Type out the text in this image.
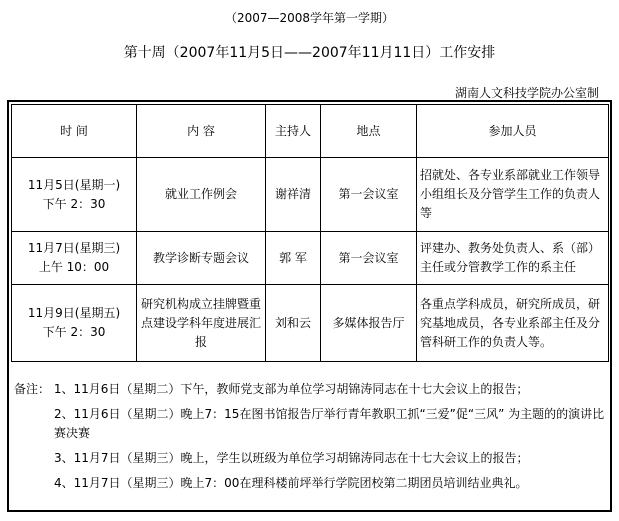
（2007—2008学年第一学期）
第十周（2007年11月5日——2007年11月11日）工作安排
湖南人文科技学院办公室制
时 间	内 容	主持人	地点	参加人员

11月5日(星期一)
下午 2：30	就业工作例会	谢祥清	第一会议室	招就处、各专业系部就业工作领导小组组长及分管学生工作的负责人等

11月7日(星期三)
上午 10：00	教学诊断专题会议	郭 军	第一会议室	评建办、教务处负责人、系（部）主任或分管教学工作的系主任

11月9日(星期五)
下午 2：30	研究机构成立挂牌暨重点建设学科年度进展汇报	刘和云	多媒体报告厅	各重点学科成员，研究所成员，研究基地成员，各专业系部主任及分管科研工作的负责人等。

备注： 1、11月6日（星期二）下午，教师党支部为单位学习胡锦涛同志在十七大会议上的报告；

2、11月6日（星期二）晚上7：15在图书馆报告厅举行青年教职工抓“三爱”促“三风” 为主题的的演讲比赛决赛

3、11月7日（星期三）晚上，学生以班级为单位学习胡锦涛同志在十七大会议上的报告；

4、11月7日（星期三）晚上7：00在理科楼前坪举行学院团校第二期团员培训结业典礼。
